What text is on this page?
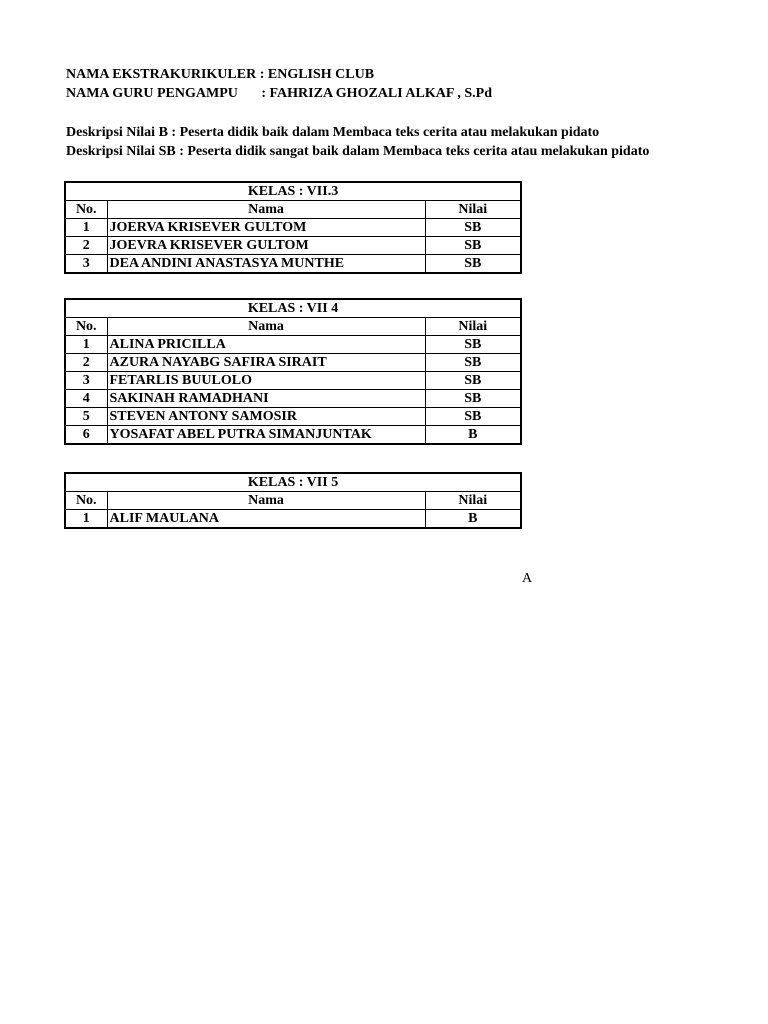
NAMA EKSTRAKURIKULER : ENGLISH CLUB
NAMA GURU PENGAMPU : FAHRIZA GHOZALI ALKAF , S.Pd
Deskripsi Nilai B : Peserta didik baik dalam Membaca teks cerita atau melakukan pidato
Deskripsi Nilai SB : Peserta didik sangat baik dalam Membaca teks cerita atau melakukan pidato
KELAS : VII.3		
No.	Nama	Nilai
1	JOERVA KRISEVER GULTOM	SB
2	JOEVRA KRISEVER GULTOM	SB
3	DEA ANDINI ANASTASYA MUNTHE	SB
KELAS : VII 4		
No.	Nama	Nilai
1	ALINA PRICILLA	SB
2	AZURA NAYABG SAFIRA SIRAIT	SB
3	FETARLIS BUULOLO	SB
4	SAKINAH RAMADHANI	SB
5	STEVEN ANTONY SAMOSIR	SB
6	YOSAFAT ABEL PUTRA SIMANJUNTAK	B
KELAS : VII 5		
No.	Nama	Nilai
1	ALIF MAULANA	B
A
